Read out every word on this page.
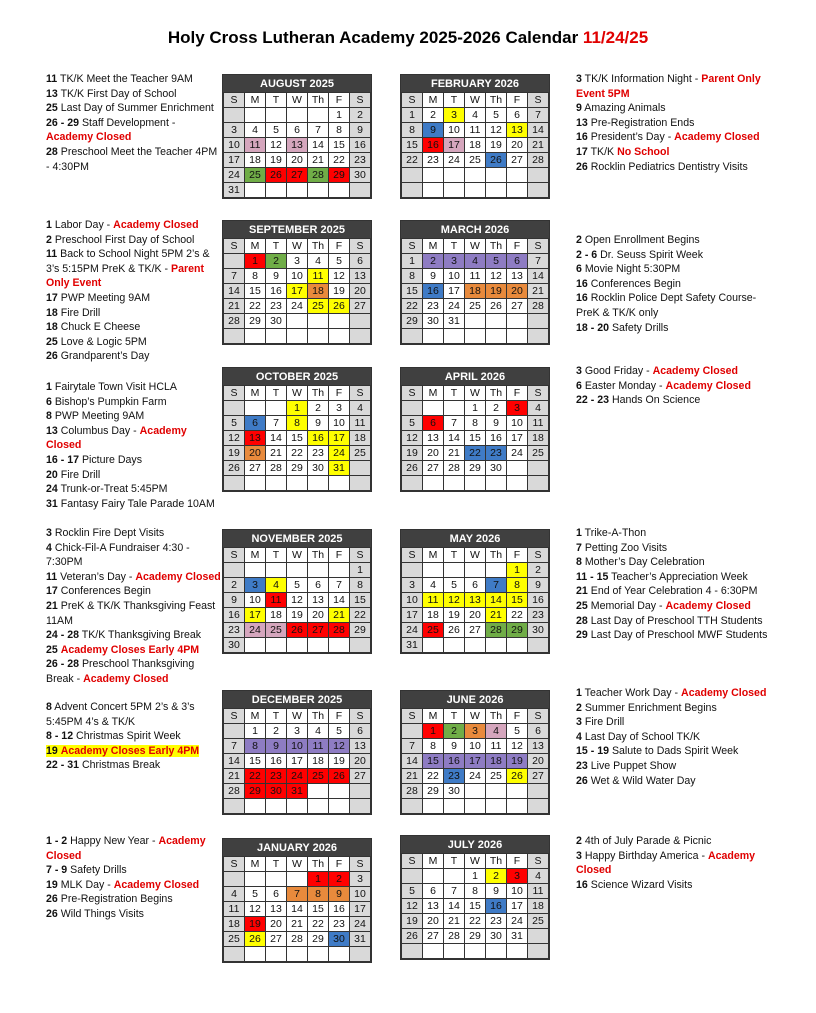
Holy Cross Lutheran Academy 2025-2026 Calendar 11/24/25
AUGUST 2025
S	M	T	W	Th	F	S
					1	2
3	4	5	6	7	8	9
10	11	12	13	14	15	16
17	18	19	20	21	22	23
24	25	26	27	28	29	30
31						
11 TK/K Meet the Teacher 9AM
13 TK/K First Day of School
25 Last Day of Summer Enrichment
26 - 29 Staff Development - Academy Closed
28 Preschool Meet the Teacher 4PM - 4:30PM
SEPTEMBER 2025
S	M	T	W	Th	F	S
	1	2	3	4	5	6
7	8	9	10	11	12	13
14	15	16	17	18	19	20
21	22	23	24	25	26	27
28	29	30				

1 Labor Day - Academy Closed
2 Preschool First Day of School
11 Back to School Night 5PM 2’s & 3’s 5:15PM PreK & TK/K - Parent Only Event
17 PWP Meeting 9AM
18 Fire Drill
18 Chuck E Cheese
25 Love & Logic 5PM
26 Grandparent’s Day
OCTOBER 2025
S	M	T	W	Th	F	S
			1	2	3	4
5	6	7	8	9	10	11
12	13	14	15	16	17	18
19	20	21	22	23	24	25
26	27	28	29	30	31	

1 Fairytale Town Visit HCLA
6 Bishop’s Pumpkin Farm
8 PWP Meeting 9AM
13 Columbus Day - Academy Closed
16 - 17 Picture Days
20 Fire Drill
24 Trunk-or-Treat 5:45PM
31 Fantasy Fairy Tale Parade 10AM
NOVEMBER 2025
S	M	T	W	Th	F	S
						1
2	3	4	5	6	7	8
9	10	11	12	13	14	15
16	17	18	19	20	21	22
23	24	25	26	27	28	29
30						
3 Rocklin Fire Dept Visits
4 Chick-Fil-A Fundraiser 4:30 - 7:30PM
11 Veteran’s Day - Academy Closed
17 Conferences Begin
21 PreK & TK/K Thanksgiving Feast 11AM
24 - 28 TK/K Thanksgiving Break
25 Academy Closes Early 4PM
26 - 28 Preschool Thanksgiving Break - Academy Closed
DECEMBER 2025
S	M	T	W	Th	F	S
	1	2	3	4	5	6
7	8	9	10	11	12	13
14	15	16	17	18	19	20
21	22	23	24	25	26	27
28	29	30	31			

8 Advent Concert 5PM 2’s & 3’s 5:45PM 4’s & TK/K
8 - 12 Christmas Spirit Week
19 Academy Closes Early 4PM
22 - 31 Christmas Break
JANUARY 2026
S	M	T	W	Th	F	S
				1	2	3
4	5	6	7	8	9	10
11	12	13	14	15	16	17
18	19	20	21	22	23	24
25	26	27	28	29	30	31

1 - 2 Happy New Year - Academy Closed
7 - 9 Safety Drills
19 MLK Day - Academy Closed
26 Pre-Registration Begins
26 Wild Things Visits
FEBRUARY 2026
S	M	T	W	Th	F	S
1	2	3	4	5	6	7
8	9	10	11	12	13	14
15	16	17	18	19	20	21
22	23	24	25	26	27	28

3 TK/K Information Night - Parent Only Event 5PM
9 Amazing Animals
13 Pre-Registration Ends
16 President’s Day - Academy Closed
17 TK/K No School
26 Rocklin Pediatrics Dentistry Visits
MARCH 2026
S	M	T	W	Th	F	S
1	2	3	4	5	6	7
8	9	10	11	12	13	14
15	16	17	18	19	20	21
22	23	24	25	26	27	28
29	30	31				

2 Open Enrollment Begins
2 - 6 Dr. Seuss Spirit Week
6 Movie Night 5:30PM
16 Conferences Begin
16 Rocklin Police Dept Safety Course- PreK & TK/K only
18 - 20 Safety Drills
APRIL 2026
S	M	T	W	Th	F	S
			1	2	3	4
5	6	7	8	9	10	11
12	13	14	15	16	17	18
19	20	21	22	23	24	25
26	27	28	29	30		

3 Good Friday - Academy Closed
6 Easter Monday - Academy Closed
22 - 23 Hands On Science
MAY 2026
S	M	T	W	Th	F	S
					1	2
3	4	5	6	7	8	9
10	11	12	13	14	15	16
17	18	19	20	21	22	23
24	25	26	27	28	29	30
31						
1 Trike-A-Thon
7 Petting Zoo Visits
8 Mother’s Day Celebration
11 - 15 Teacher’s Appreciation Week
21 End of Year Celebration 4 - 6:30PM
25 Memorial Day - Academy Closed
28 Last Day of Preschool TTH Students
29 Last Day of Preschool MWF Students
JUNE 2026
S	M	T	W	Th	F	S
	1	2	3	4	5	6
7	8	9	10	11	12	13
14	15	16	17	18	19	20
21	22	23	24	25	26	27
28	29	30				

1 Teacher Work Day - Academy Closed
2 Summer Enrichment Begins
3 Fire Drill
4 Last Day of School TK/K
15 - 19 Salute to Dads Spirit Week
23 Live Puppet Show
26 Wet & Wild Water Day
JULY 2026
S	M	T	W	Th	F	S
			1	2	3	4
5	6	7	8	9	10	11
12	13	14	15	16	17	18
19	20	21	22	23	24	25
26	27	28	29	30	31	

2 4th of July Parade & Picnic
3 Happy Birthday America - Academy Closed
16 Science Wizard Visits
